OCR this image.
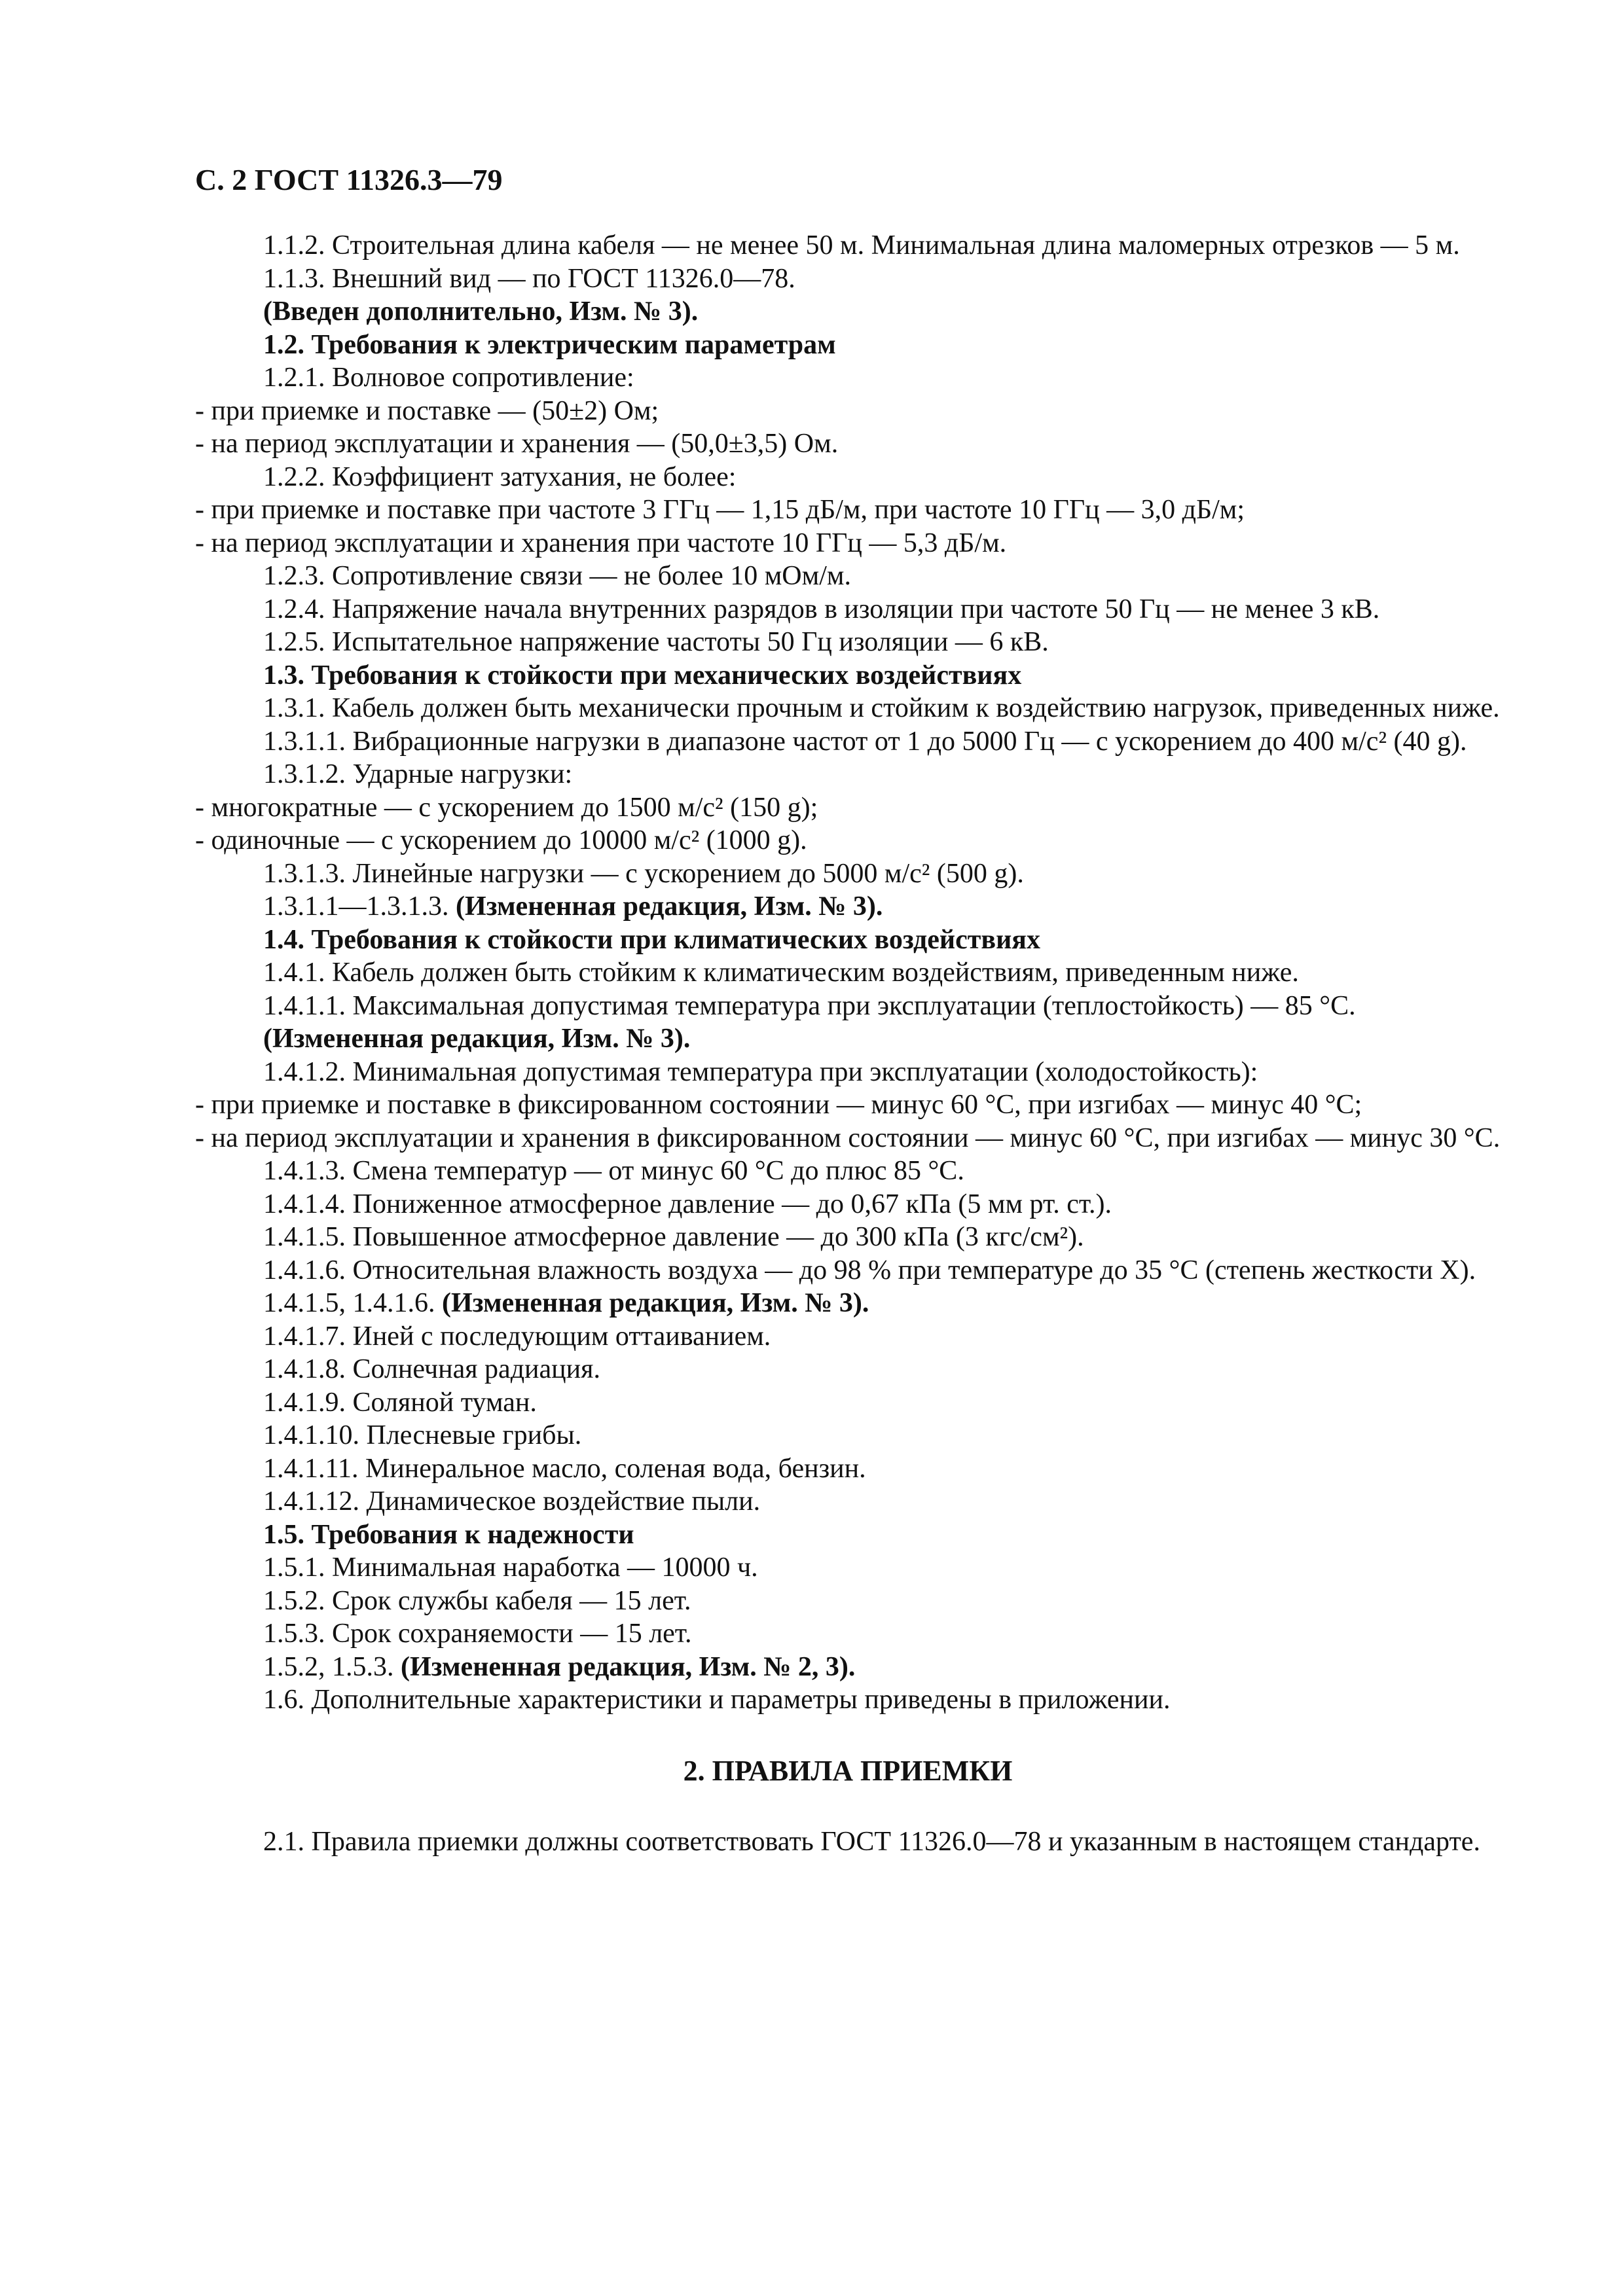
С. 2 ГОСТ 11326.3—79

1.1.2. Строительная длина кабеля — не менее 50 м. Минимальная длина маломерных отрезков — 5 м.

1.1.3. Внешний вид — по ГОСТ 11326.0—78.

(Введен дополнительно, Изм. № 3).

1.2. Требования к электрическим параметрам

1.2.1. Волновое сопротивление:

- при приемке и поставке — (50±2) Ом;

- на период эксплуатации и хранения — (50,0±3,5) Ом.

1.2.2. Коэффициент затухания, не более:

- при приемке и поставке при частоте 3 ГГц — 1,15 дБ/м, при частоте 10 ГГц — 3,0 дБ/м;

- на период эксплуатации и хранения при частоте 10 ГГц — 5,3 дБ/м.

1.2.3. Сопротивление связи — не более 10 мОм/м.

1.2.4. Напряжение начала внутренних разрядов в изоляции при частоте 50 Гц — не менее 3 кВ.

1.2.5. Испытательное напряжение частоты 50 Гц изоляции — 6 кВ.

1.3. Требования к стойкости при механических воздействиях

1.3.1. Кабель должен быть механически прочным и стойким к воздействию нагрузок, приведенных ниже.

1.3.1.1. Вибрационные нагрузки в диапазоне частот от 1 до 5000 Гц — с ускорением до 400 м/с² (40 g).

1.3.1.2. Ударные нагрузки:

- многократные — с ускорением до 1500 м/с² (150 g);

- одиночные — с ускорением до 10000 м/с² (1000 g).

1.3.1.3. Линейные нагрузки — с ускорением до 5000 м/с² (500 g).

1.3.1.1—1.3.1.3. (Измененная редакция, Изм. № 3).

1.4. Требования к стойкости при климатических воздействиях

1.4.1. Кабель должен быть стойким к климатическим воздействиям, приведенным ниже.

1.4.1.1. Максимальная допустимая температура при эксплуатации (теплостойкость) — 85 °С.

(Измененная редакция, Изм. № 3).

1.4.1.2. Минимальная допустимая температура при эксплуатации (холодостойкость):

- при приемке и поставке в фиксированном состоянии — минус 60 °С, при изгибах — минус 40 °С;

- на период эксплуатации и хранения в фиксированном состоянии — минус 60 °С, при изгибах — минус 30 °С.

1.4.1.3. Смена температур — от минус 60 °С до плюс 85 °С.

1.4.1.4. Пониженное атмосферное давление — до 0,67 кПа (5 мм рт. ст.).

1.4.1.5. Повышенное атмосферное давление — до 300 кПа (3 кгс/см²).

1.4.1.6. Относительная влажность воздуха — до 98 % при температуре до 35 °С (степень жесткости X).

1.4.1.5, 1.4.1.6. (Измененная редакция, Изм. № 3).

1.4.1.7. Иней с последующим оттаиванием.

1.4.1.8. Солнечная радиация.

1.4.1.9. Соляной туман.

1.4.1.10. Плесневые грибы.

1.4.1.11. Минеральное масло, соленая вода, бензин.

1.4.1.12. Динамическое воздействие пыли.

1.5. Требования к надежности

1.5.1. Минимальная наработка — 10000 ч.

1.5.2. Срок службы кабеля — 15 лет.

1.5.3. Срок сохраняемости — 15 лет.

1.5.2, 1.5.3. (Измененная редакция, Изм. № 2, 3).

1.6. Дополнительные характеристики и параметры приведены в приложении.

2. ПРАВИЛА ПРИЕМКИ

2.1. Правила приемки должны соответствовать ГОСТ 11326.0—78 и указанным в настоящем стандарте.
